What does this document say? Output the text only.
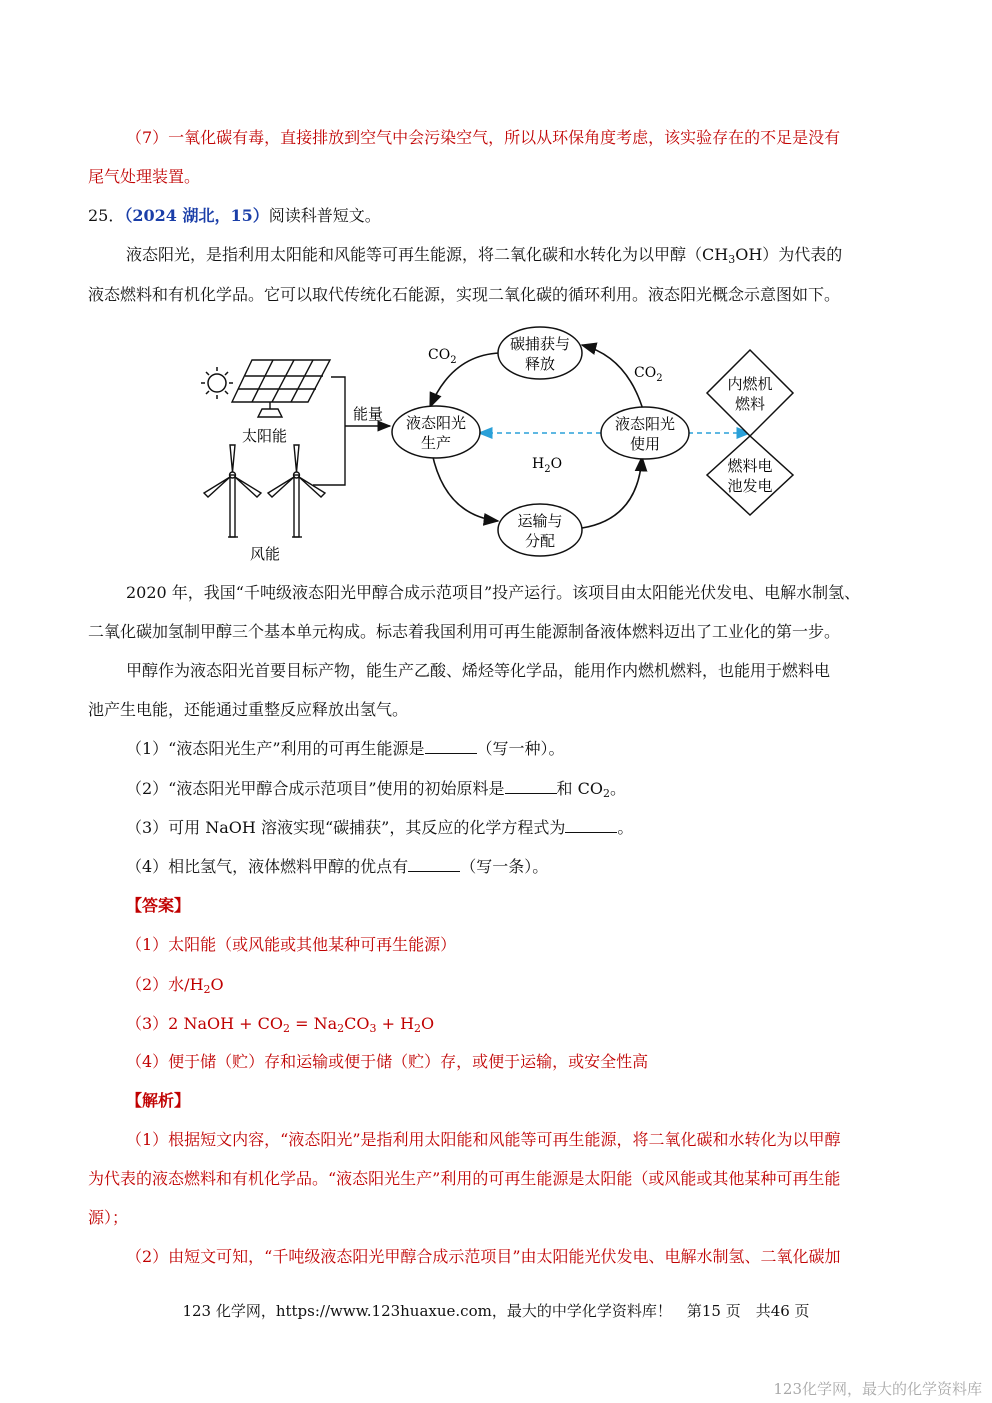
（7）一氧化碳有毒，直接排放到空气中会污染空气，所以从环保角度考虑，该实验存在的不足是没有
尾气处理装置。
25．（2024 湖北，15）阅读科普短文。
液态阳光，是指利用太阳能和风能等可再生能源，将二氧化碳和水转化为以甲醇$(CH_3OH)$为代表的
液态燃料和有机化学品。它可以取代传统化石能源，实现二氧化碳的循环利用。液态阳光概念示意图如下。
太阳能
风能
能量
碳捕获与
释放
液态阳光
生产
液态阳光
使用
运输与
分配
内燃机
燃料
燃料电
池发电
$CO_2$
$CO_2$
$H_2O$
2020 年，我国“千吨级液态阳光甲醇合成示范项目”投产运行。该项目由太阳能光伏发电、电解水制氢、
二氧化碳加氢制甲醇三个基本单元构成。标志着我国利用可再生能源制备液体燃料迈出了工业化的第一步。
甲醇作为液态阳光首要目标产物，能生产乙酸、烯烃等化学品，能用作内燃机燃料，也能用于燃料电
池产生电能，还能通过重整反应释放出氢气。
（1）“液态阳光生产”利用的可再生能源是	（写一种）。
（2）“液态阳光甲醇合成示范项目”使用的初始原料是	和 $CO_2$。
（3）可用 NaOH 溶液实现“碳捕获”，其反应的化学方程式为	。
（4）相比氢气，液体燃料甲醇的优点有	（写一条）。
【答案】
（1）太阳能（或风能或其他某种可再生能源）
（2）水$/H_2O$
（3）2 NaOH + $CO_2 = Na_2CO_3 + H_2O$
（4）便于储（贮）存和运输或便于储（贮）存，或便于运输，或安全性高
【解析】
（1）根据短文内容，“液态阳光”是指利用太阳能和风能等可再生能源，将二氧化碳和水转化为以甲醇
为代表的液态燃料和有机化学品。“液态阳光生产”利用的可再生能源是太阳能（或风能或其他某种可再生能
源）；
（2）由短文可知，“千吨级液态阳光甲醇合成示范项目”由太阳能光伏发电、电解水制氢、二氧化碳加
123 化学网，https://www.123huaxue.com，最大的中学化学资料库！　第15 页　共46 页
123化学网，最大的化学资料库
